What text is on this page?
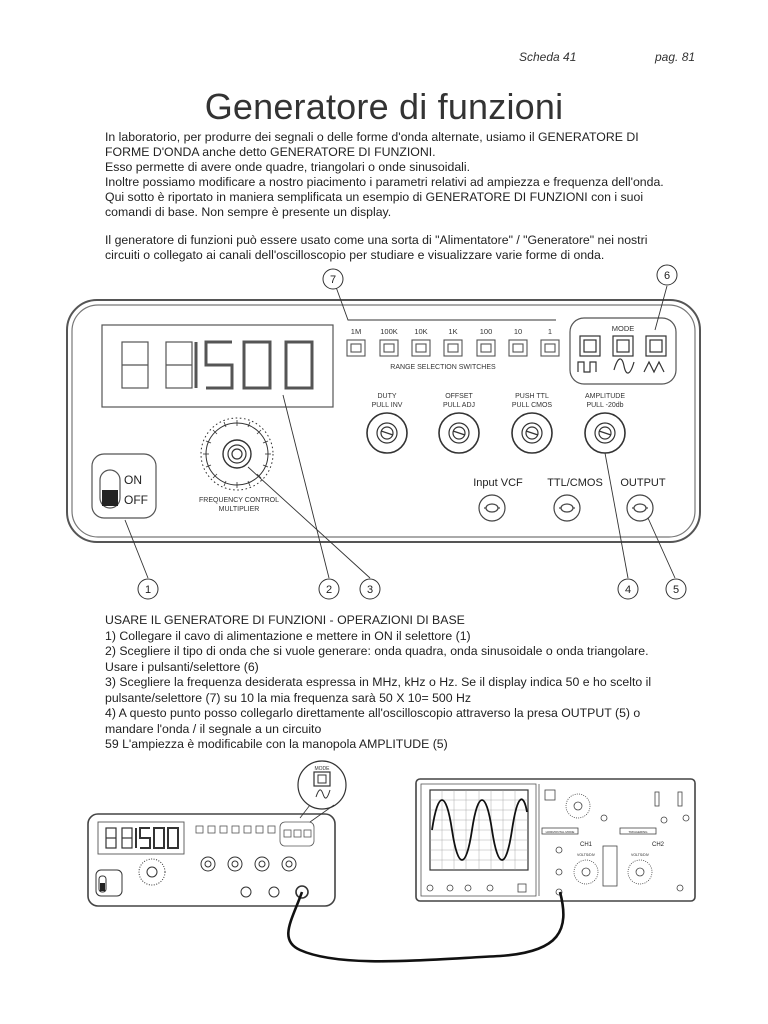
Scheda 41	pag. 81
Generatore di funzioni
In laboratorio, per produrre dei segnali o delle forme d'onda alternate, usiamo il GENERATORE DI
FORME D'ONDA anche detto GENERATORE DI FUNZIONI.
Esso permette di avere onde quadre, triangolari o onde sinusoidali.
Inoltre possiamo modificare a nostro piacimento i parametri relativi ad ampiezza e frequenza dell'onda.
Qui sotto è riportato in maniera semplificata un esempio di GENERATORE DI FUNZIONI con i suoi
comandi di base. Non sempre è presente un display.
Il generatore di funzioni può essere usato come una sorta di "Alimentatore" / "Generatore" nei nostri
circuiti o collegato ai canali dell'oscilloscopio per studiare e visualizzare varie forme di onda.
1500
1M	100K 10K	1K	100	10	1
RANGE SELECTION SWITCHES
MODE
DUTY
PULL INV
OFFSET
PULL ADJ
PUSH TTL
PULL CMOS
AMPLITUDE
PULL -20db
ON
OFF	FREQUENCY CONTROL
MULTIPLIER
Input VCF TTL/CMOS OUTPUT
1	2	3	4	5
6
7
USARE IL GENERATORE DI FUNZIONI - OPERAZIONI DI BASE
1) Collegare il cavo di alimentazione e mettere in ON il selettore (1)
2) Scegliere il tipo di onda che si vuole generare: onda quadra, onda sinusoidale o onda triangolare.
Usare i pulsanti/selettore (6)
3) Scegliere la frequenza desiderata espressa in MHz, kHz o Hz. Se il display indica 50 e ho scelto il
pulsante/selettore (7) su 10 la mia frequenza sarà 50 X 10= 500 Hz
4) A questo punto posso collegarlo direttamente all'oscilloscopio attraverso la presa OUTPUT (5) o
mandare l'onda / il segnale a un circuito
59 L'ampiezza è modificabile con la manopola AMPLITUDE (5)
MODE
CH1	CH2
HORIZONTAL MODE	TRIGGERING
VOLTS/DIV	VOLTS/DIV
